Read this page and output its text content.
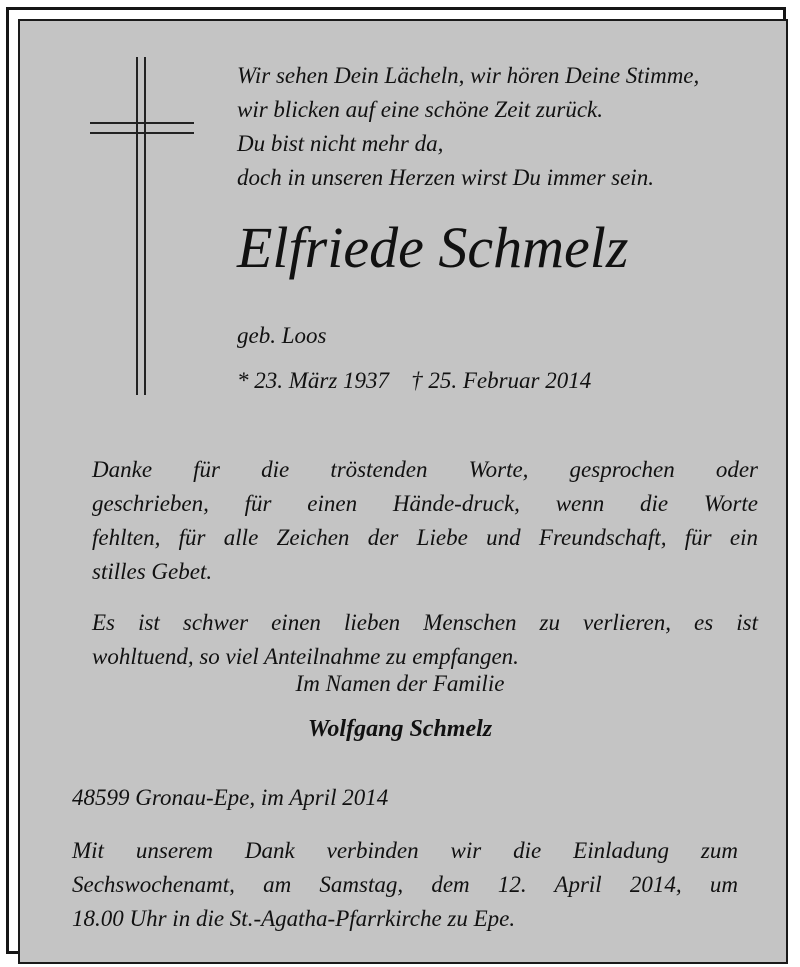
Wir sehen Dein Lächeln, wir hören Deine Stimme,
wir blicken auf eine schöne Zeit zurück.
Du bist nicht mehr da,
doch in unseren Herzen wirst Du immer sein.
Elfriede Schmelz
geb. Loos
* 23. März 1937 † 25. Februar 2014
Danke für die tröstenden Worte, gesprochen oder
geschrieben, für einen Hände-druck, wenn die Worte
fehlten, für alle Zeichen der Liebe und Freundschaft, für ein
stilles Gebet.
Es ist schwer einen lieben Menschen zu verlieren, es ist
wohltuend, so viel Anteilnahme zu empfangen.
Im Namen der Familie
Wolfgang Schmelz
48599 Gronau-Epe, im April 2014
Mit unserem Dank verbinden wir die Einladung zum
Sechswochenamt, am Samstag, dem 12. April 2014, um
18.00 Uhr in die St.-Agatha-Pfarrkirche zu Epe.
